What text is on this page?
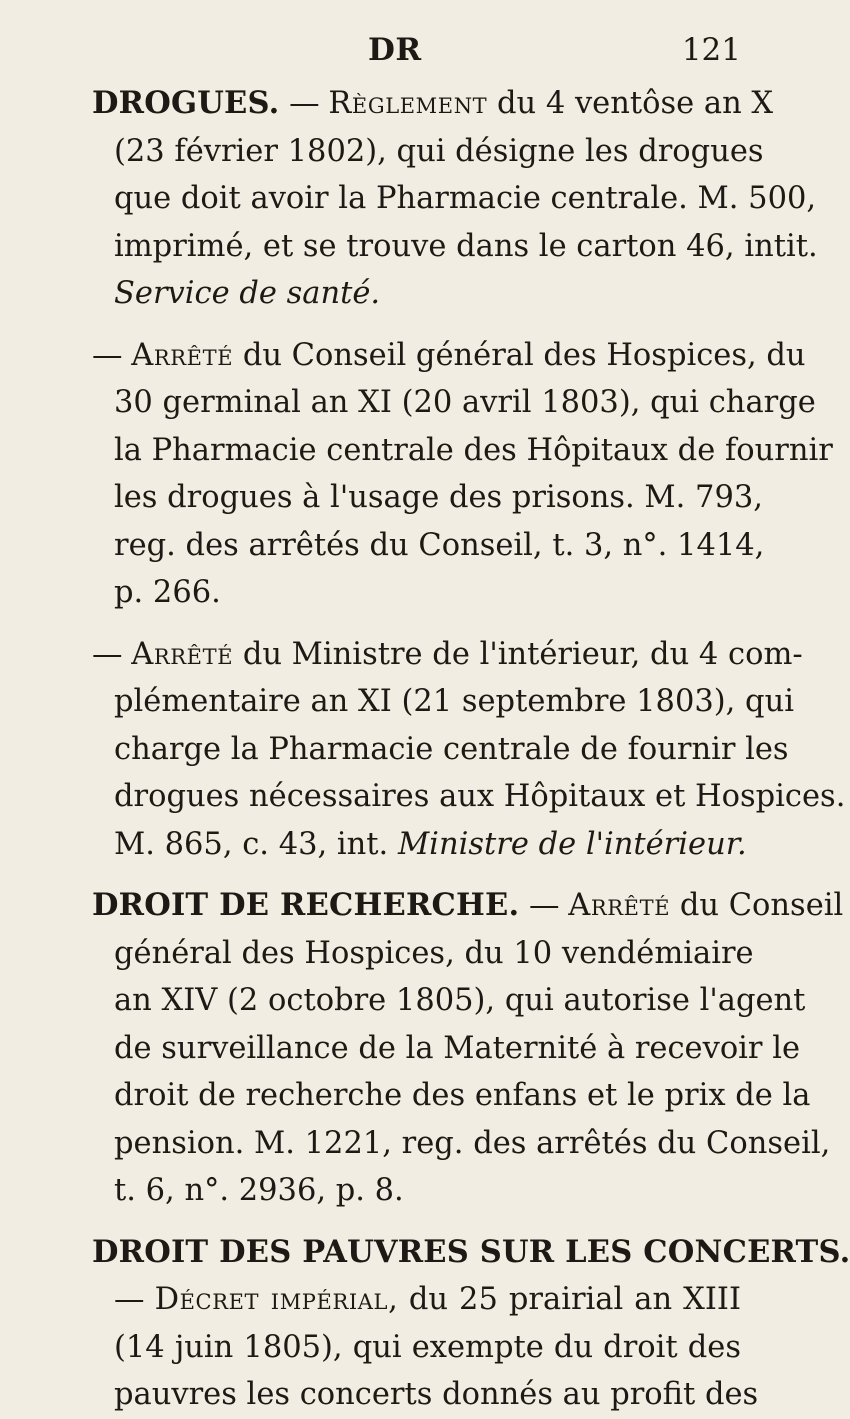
DR	121
DROGUES. — Règlement du 4 ventôse an X
(23 février 1802), qui désigne les drogues
que doit avoir la Pharmacie centrale. M. 500,
imprimé, et se trouve dans le carton 46, intit.
Service de santé.
— Arrêté du Conseil général des Hospices, du
30 germinal an XI (20 avril 1803), qui charge
la Pharmacie centrale des Hôpitaux de fournir
les drogues à l'usage des prisons. M. 793,
reg. des arrêtés du Conseil, t. 3, n°. 1414,
p. 266.
— Arrêté du Ministre de l'intérieur, du 4 com-
plémentaire an XI (21 septembre 1803), qui
charge la Pharmacie centrale de fournir les
drogues nécessaires aux Hôpitaux et Hospices.
M. 865, c. 43, int. Ministre de l'intérieur.
DROIT DE RECHERCHE. — Arrêté du Conseil
général des Hospices, du 10 vendémiaire
an XIV (2 octobre 1805), qui autorise l'agent
de surveillance de la Maternité à recevoir le
droit de recherche des enfans et le prix de la
pension. M. 1221, reg. des arrêtés du Conseil,
t. 6, n°. 2936, p. 8.
DROIT DES PAUVRES SUR LES CONCERTS.
— Décret impérial, du 25 prairial an XIII
(14 juin 1805), qui exempte du droit des
pauvres les concerts donnés au profit des
